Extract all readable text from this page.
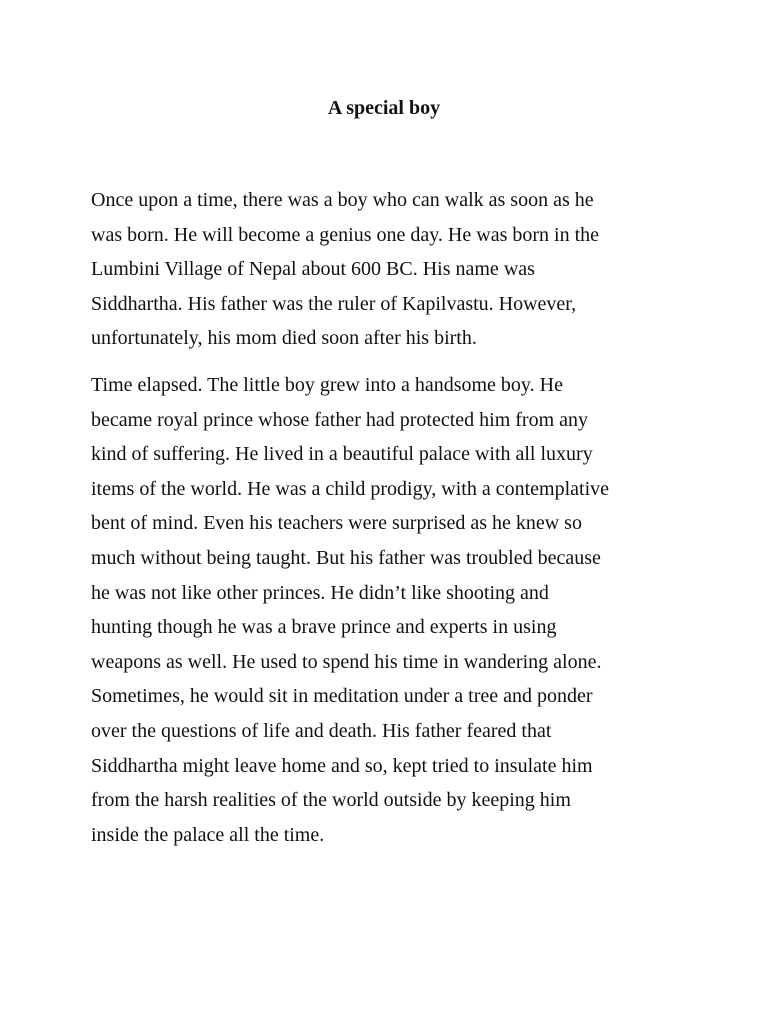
A special boy

Once upon a time, there was a boy who can walk as soon as he
was born. He will become a genius one day. He was born in the
Lumbini Village of Nepal about 600 BC. His name was
Siddhartha. His father was the ruler of Kapilvastu. However,
unfortunately, his mom died soon after his birth.

Time elapsed. The little boy grew into a handsome boy. He
became royal prince whose father had protected him from any
kind of suffering. He lived in a beautiful palace with all luxury
items of the world. He was a child prodigy, with a contemplative
bent of mind. Even his teachers were surprised as he knew so
much without being taught. But his father was troubled because
he was not like other princes. He didn’t like shooting and
hunting though he was a brave prince and experts in using
weapons as well. He used to spend his time in wandering alone.
Sometimes, he would sit in meditation under a tree and ponder
over the questions of life and death. His father feared that
Siddhartha might leave home and so, kept tried to insulate him
from the harsh realities of the world outside by keeping him
inside the palace all the time.
